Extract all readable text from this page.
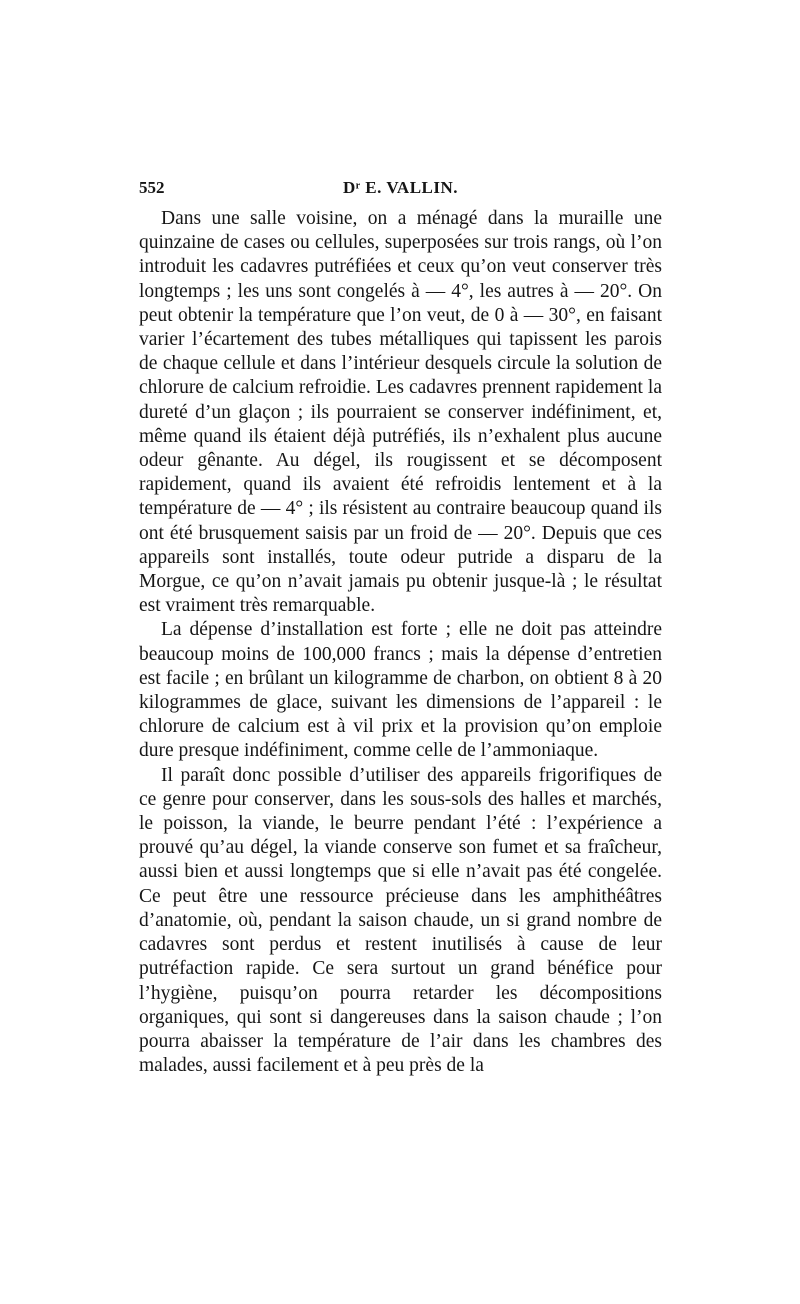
552	Dʳ E. VALLIN.

Dans une salle voisine, on a ménagé dans la muraille une quinzaine de cases ou cellules, superposées sur trois rangs, où l’on introduit les cadavres putréfiées et ceux qu’on veut conserver très longtemps ; les uns sont congelés à — 4°, les autres à — 20°. On peut obtenir la température que l’on veut, de 0 à — 30°, en faisant varier l’écartement des tubes métalliques qui tapissent les parois de chaque cellule et dans l’intérieur desquels circule la solution de chlorure de calcium refroidie. Les cadavres prennent rapidement la dureté d’un glaçon ; ils pourraient se conserver indéfiniment, et, même quand ils étaient déjà putréfiés, ils n’exhalent plus aucune odeur gênante. Au dégel, ils rougissent et se décomposent rapidement, quand ils avaient été refroidis lentement et à la température de — 4° ; ils résistent au contraire beaucoup quand ils ont été brusquement saisis par un froid de — 20°. Depuis que ces appareils sont installés, toute odeur putride a disparu de la Morgue, ce qu’on n’avait jamais pu obtenir jusque-là ; le résultat est vraiment très remarquable.

La dépense d’installation est forte ; elle ne doit pas atteindre beaucoup moins de 100,000 francs ; mais la dépense d’entretien est facile ; en brûlant un kilogramme de charbon, on obtient 8 à 20 kilogrammes de glace, suivant les dimensions de l’appareil : le chlorure de calcium est à vil prix et la provision qu’on emploie dure presque indéfiniment, comme celle de l’ammoniaque.

Il paraît donc possible d’utiliser des appareils frigorifiques de ce genre pour conserver, dans les sous-sols des halles et marchés, le poisson, la viande, le beurre pendant l’été : l’expérience a prouvé qu’au dégel, la viande conserve son fumet et sa fraîcheur, aussi bien et aussi longtemps que si elle n’avait pas été congelée. Ce peut être une ressource précieuse dans les amphithéâtres d’anatomie, où, pendant la saison chaude, un si grand nombre de cadavres sont perdus et restent inutilisés à cause de leur putréfaction rapide. Ce sera surtout un grand bénéfice pour l’hygiène, puisqu’on pourra retarder les décompositions organiques, qui sont si dangereuses dans la saison chaude ; l’on pourra abaisser la température de l’air dans les chambres des malades, aussi facilement et à peu près de la
